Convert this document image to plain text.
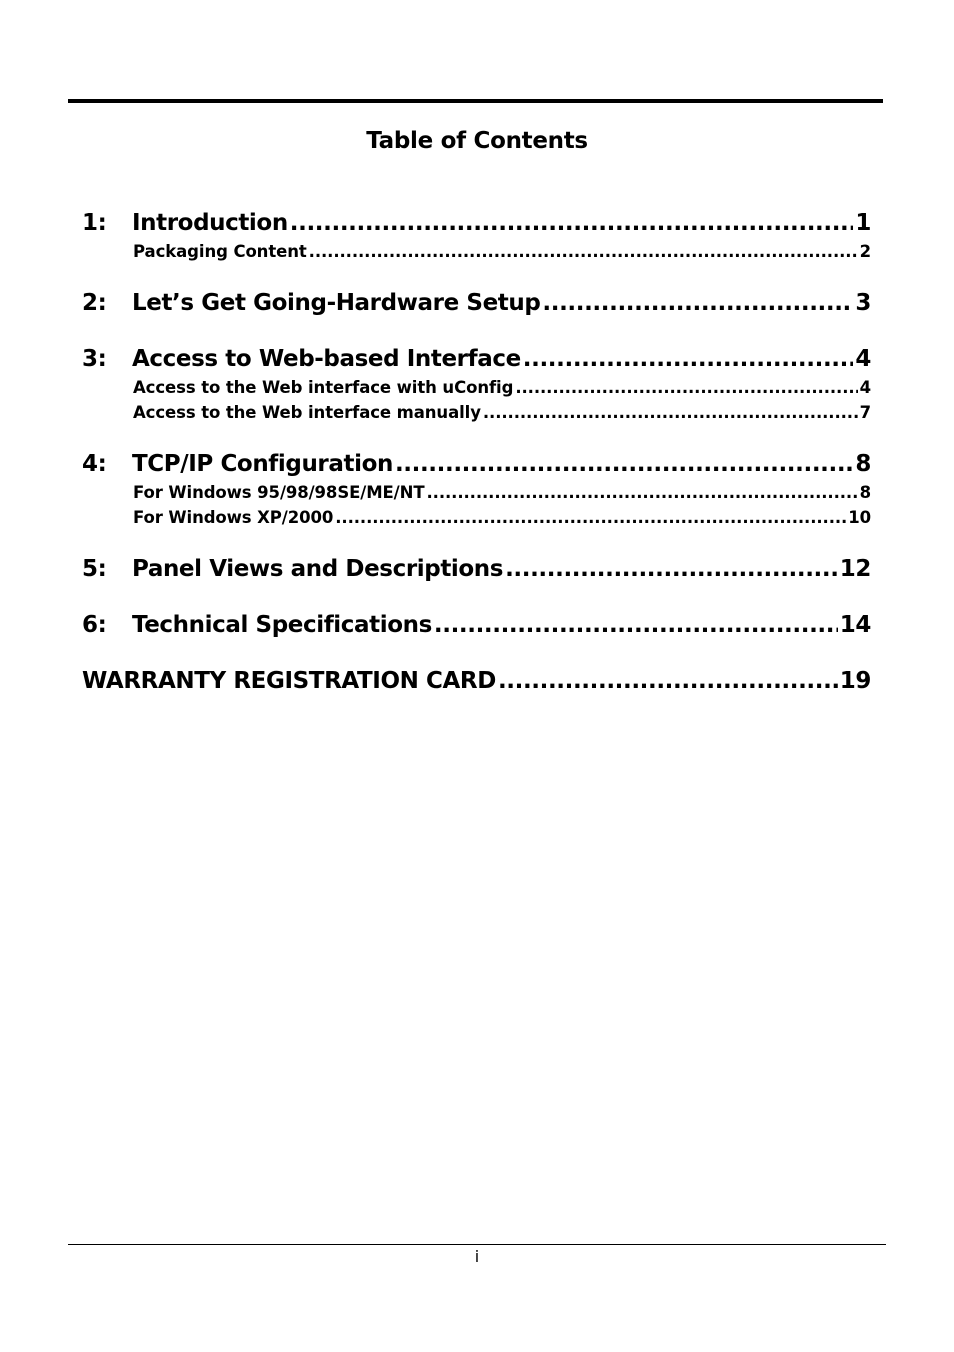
Table of Contents
1:	Introduction .....	1
Packaging Content .....	2
2:	Let’s Get Going-Hardware Setup .....	3
3:	Access to Web-based Interface .....	4
Access to the Web interface with uConfig .....	4
Access to the Web interface manually .....	7
4:	TCP/IP Configuration .....	8
For Windows 95/98/98SE/ME/NT .....	8
For Windows XP/2000 .....	10
5:	Panel Views and Descriptions .....	12
6:	Technical Specifications .....	14
WARRANTY REGISTRATION CARD .....	19
i
